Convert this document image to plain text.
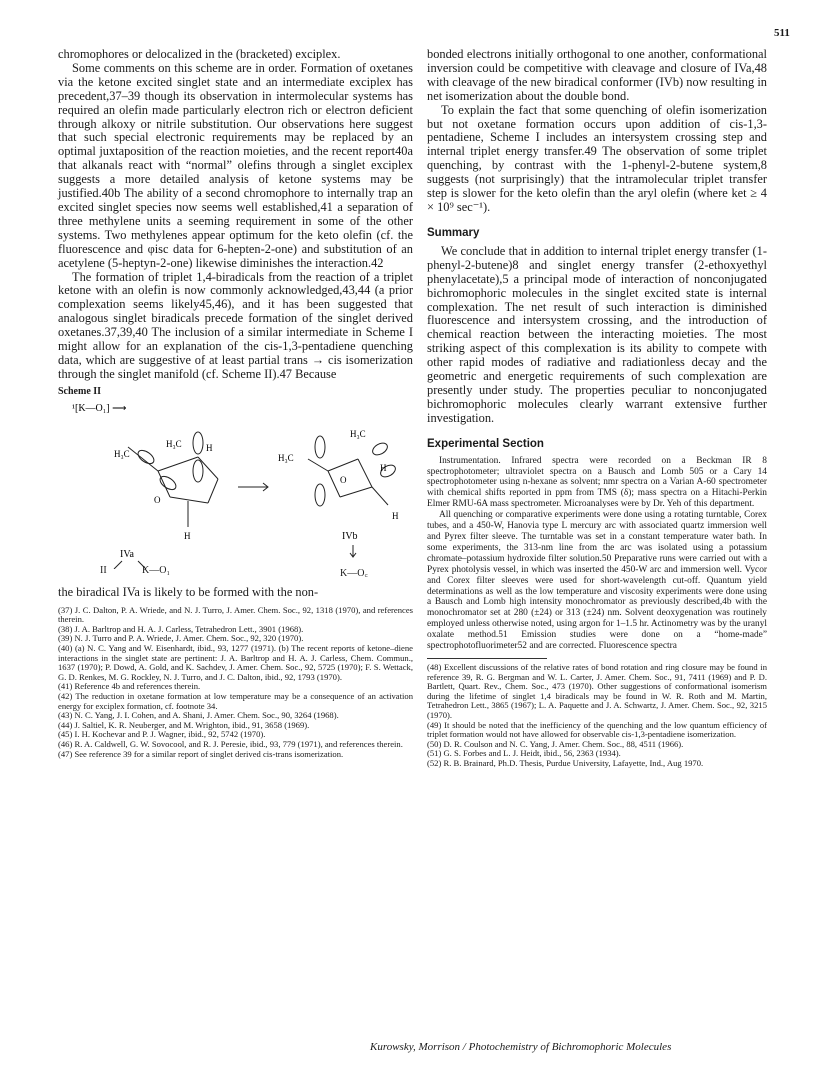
511

chromophores or delocalized in the (bracketed) exciplex.

Some comments on this scheme are in order. Formation of oxetanes via the ketone excited singlet state and an intermediate exciplex has precedent,37–39 though its observation in intermolecular systems has required an olefin made particularly electron rich or electron deficient through alkoxy or nitrile substitution. Our observations here suggest that such special electronic requirements may be replaced by an optimal juxtaposition of the reaction moieties, and the recent report40a that alkanals react with “normal” olefins through a singlet exciplex suggests a more detailed analysis of ketone systems may be justified.40b The ability of a second chromophore to internally trap an excited singlet species now seems well established,41 a separation of three methylene units a seeming requirement in some of the other systems. Two methylenes appear optimum for the keto olefin (cf. the fluorescence and φisc data for 6-hepten-2-one) and substitution of an acetylene (5-heptyn-2-one) likewise diminishes the interaction.42

The formation of triplet 1,4-biradicals from the reaction of a triplet ketone with an olefin is now commonly acknowledged,43,44 (a prior complexation seems likely45,46), and it has been suggested that analogous singlet biradicals precede formation of the singlet derived oxetanes.37,39,40 The inclusion of a similar intermediate in Scheme I might allow for an explanation of the cis-1,3-pentadiene quenching data, which are suggestive of at least partial trans → cis isomerization through the singlet manifold (cf. Scheme II).47 Because

Scheme II
¹[K—O₁] ⟶
H₃C
H₃C
H
O
H
IVa
H₃C
H₃C
O
H
H
IVb
II	K—O₁	K—O꜀

the biradical IVa is likely to be formed with the non-

(37) J. C. Dalton, P. A. Wriede, and N. J. Turro, J. Amer. Chem. Soc., 92, 1318 (1970), and references therein.

(38) J. A. Barltrop and H. A. J. Carless, Tetrahedron Lett., 3901 (1968).

(39) N. J. Turro and P. A. Wriede, J. Amer. Chem. Soc., 92, 320 (1970).

(40) (a) N. C. Yang and W. Eisenhardt, ibid., 93, 1277 (1971). (b) The recent reports of ketone–diene interactions in the singlet state are pertinent: J. A. Barltrop and H. A. J. Carless, Chem. Commun., 1637 (1970); P. Dowd, A. Gold, and K. Sachdev, J. Amer. Chem. Soc., 92, 5725 (1970); F. S. Wettack, G. D. Renkes, M. G. Rockley, N. J. Turro, and J. C. Dalton, ibid., 92, 1793 (1970).

(41) Reference 4b and references therein.

(42) The reduction in oxetane formation at low temperature may be a consequence of an activation energy for exciplex formation, cf. footnote 34.

(43) N. C. Yang, J. I. Cohen, and A. Shani, J. Amer. Chem. Soc., 90, 3264 (1968).

(44) J. Saltiel, K. R. Neuberger, and M. Wrighton, ibid., 91, 3658 (1969).

(45) I. H. Kochevar and P. J. Wagner, ibid., 92, 5742 (1970).

(46) R. A. Caldwell, G. W. Sovocool, and R. J. Peresie, ibid., 93, 779 (1971), and references therein.

(47) See reference 39 for a similar report of singlet derived cis-trans isomerization.

bonded electrons initially orthogonal to one another, conformational inversion could be competitive with cleavage and closure of IVa,48 with cleavage of the new biradical conformer (IVb) now resulting in net isomerization about the double bond.

To explain the fact that some quenching of olefin isomerization but not oxetane formation occurs upon addition of cis-1,3-pentadiene, Scheme I includes an intersystem crossing step and internal triplet energy transfer.49 The observation of some triplet quenching, by contrast with the 1-phenyl-2-butene system,8 suggests (not surprisingly) that the intramolecular triplet transfer step is slower for the keto olefin than the aryl olefin (where ket ≥ 4 × 10⁹ sec⁻¹).

Summary

We conclude that in addition to internal triplet energy transfer (1-phenyl-2-butene)8 and singlet energy transfer (2-ethoxyethyl phenylacetate),5 a principal mode of interaction of nonconjugated bichromophoric molecules in the singlet excited state is internal complexation. The net result of such interaction is diminished fluorescence and intersystem crossing, and the introduction of chemical reaction between the interacting moieties. The most striking aspect of this complexation is its ability to compete with other rapid modes of radiative and radiationless decay and the geometric and energetic requirements of such complexation are presently under study. The properties peculiar to nonconjugated bichromophoric molecules clearly warrant extensive further investigation.

Experimental Section

Instrumentation. Infrared spectra were recorded on a Beckman IR 8 spectrophotometer; ultraviolet spectra on a Bausch and Lomb 505 or a Cary 14 spectrophotometer using n-hexane as solvent; nmr spectra on a Varian A-60 spectrometer with chemical shifts reported in ppm from TMS (δ); mass spectra on a Hitachi-Perkin Elmer RMU-6A mass spectrometer. Microanalyses were by Dr. Yeh of this department.

All quenching or comparative experiments were done using a rotating turntable, Corex tubes, and a 450-W, Hanovia type L mercury arc with associated quartz immersion well and Pyrex filter sleeve. The turntable was set in a constant temperature water bath. In some experiments, the 313-nm line from the arc was isolated using a potassium chromate–potassium hydroxide filter solution.50 Preparative runs were carried out with a Pyrex photolysis vessel, in which was inserted the 450-W arc and immersion well. Vycor and Corex filter sleeves were used for short-wavelength cut-off. Quantum yield determinations as well as the low temperature and viscosity experiments were done using a Bausch and Lomb high intensity monochromator as previously described,4b with the monochromator set at 280 (±24) or 313 (±24) nm. Solvent deoxygenation was routinely employed unless otherwise noted, using argon for 1–1.5 hr. Actinometry was by the uranyl oxalate method.51 Emission studies were done on a “home-made” spectrophotofluorimeter52 and are corrected. Fluorescence spectra

(48) Excellent discussions of the relative rates of bond rotation and ring closure may be found in reference 39, R. G. Bergman and W. L. Carter, J. Amer. Chem. Soc., 91, 7411 (1969) and P. D. Bartlett, Quart. Rev., Chem. Soc., 473 (1970). Other suggestions of conformational isomerism during the lifetime of singlet 1,4 biradicals may be found in W. R. Roth and M. Martin, Tetrahedron Lett., 3865 (1967); L. A. Paquette and J. A. Schwartz, J. Amer. Chem. Soc., 92, 3215 (1970).

(49) It should be noted that the inefficiency of the quenching and the low quantum efficiency of triplet formation would not have allowed for observable cis-1,3-pentadiene isomerization.

(50) D. R. Coulson and N. C. Yang, J. Amer. Chem. Soc., 88, 4511 (1966).

(51) G. S. Forbes and L. J. Heidt, ibid., 56, 2363 (1934).

(52) R. B. Brainard, Ph.D. Thesis, Purdue University, Lafayette, Ind., Aug 1970.

Kurowsky, Morrison / Photochemistry of Bichromophoric Molecules
